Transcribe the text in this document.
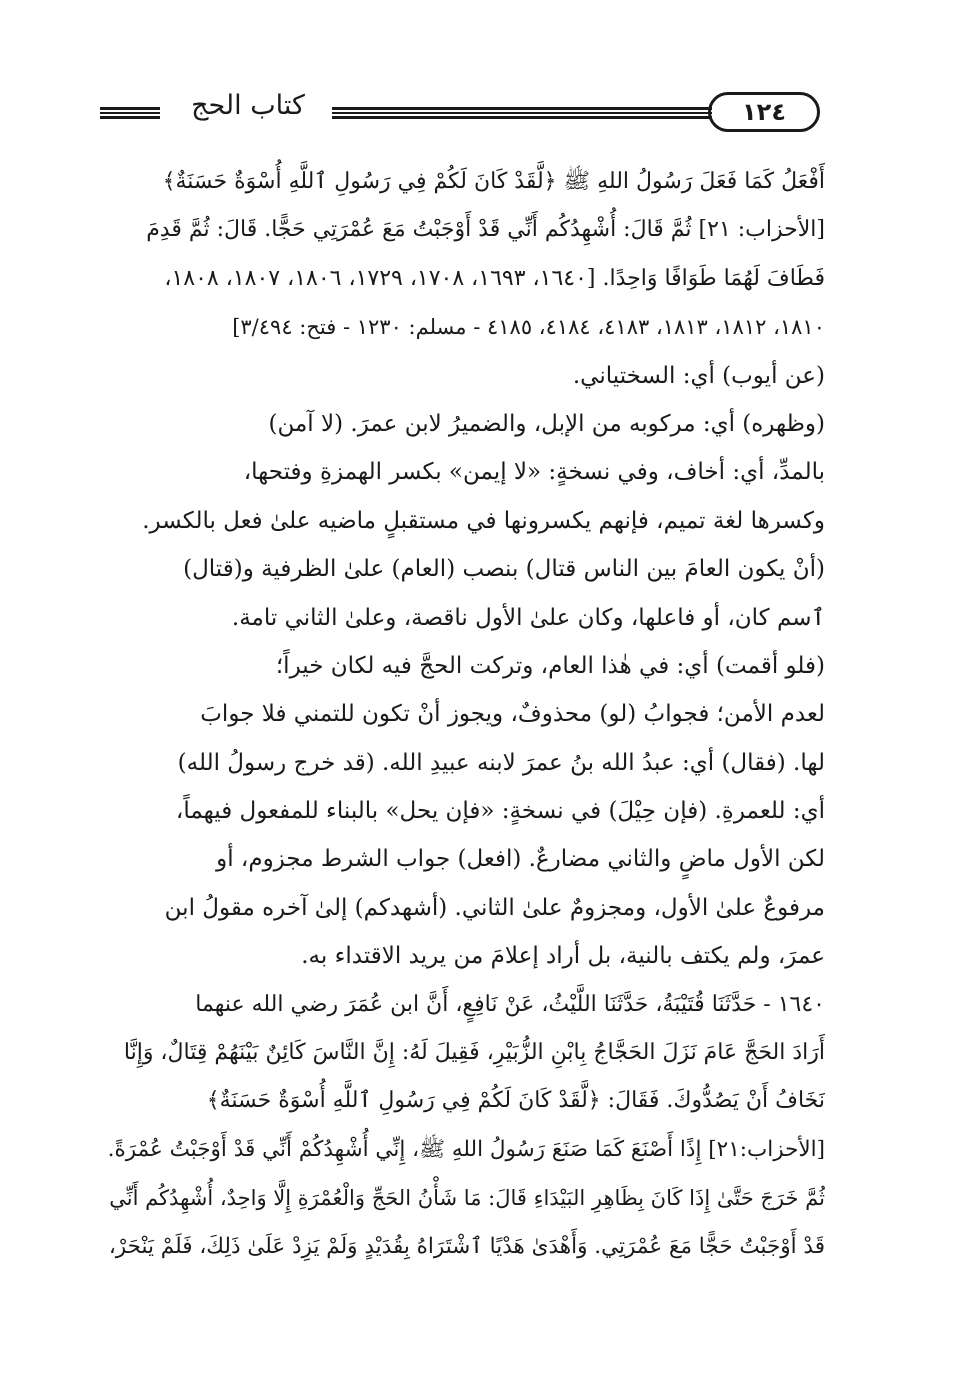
كتاب الحج	١٢٤
أَفْعَلُ كَمَا فَعَلَ رَسُولُ اللهِ ﷺ ﴿لَّقَدْ كَانَ لَكُمْ فِي رَسُولِ ٱللَّهِ أُسْوَةٌ حَسَنَةٌ﴾
[الأحزاب: ٢١] ثُمَّ قَالَ: أُشْهِدُكُم أَنِّي قَدْ أَوْجَبْتُ مَعَ عُمْرَتِي حَجًّا. قَالَ: ثُمَّ قَدِمَ
فَطَافَ لَهُمَا طَوَافًا وَاحِدًا. [١٦٤٠، ١٦٩٣، ١٧٠٨، ١٧٢٩، ١٨٠٦، ١٨٠٧، ١٨٠٨،
١٨١٠، ١٨١٢، ١٨١٣، ٤١٨٣، ٤١٨٤، ٤١٨٥ - مسلم: ١٢٣٠ - فتح: ٣/٤٩٤]
(عن أيوب) أي: السختياني.
(وظهره) أي: مركوبه من الإبل، والضميرُ لابن عمرَ. (لا آمن)
بالمدِّ، أي: أخاف، وفي نسخةٍ: «لا إيمن» بكسر الهمزةِ وفتحها،
وكسرها لغة تميم، فإنهم يكسرونها في مستقبلٍ ماضيه علىٰ فعل بالكسر.
(أنْ يكون العامَ بين الناس قتال) بنصب (العام) علىٰ الظرفية و(قتال)
ٱسم كان، أو فاعلها، وكان علىٰ الأول ناقصة، وعلىٰ الثاني تامة.
(فلو أقمت) أي: في هٰذا العام، وتركت الحجَّ فيه لكان خيراً؛
لعدم الأمن؛ فجوابُ (لو) محذوفٌ، ويجوز أنْ تكون للتمني فلا جوابَ
لها. (فقال) أي: عبدُ الله بنُ عمرَ لابنه عبيدِ الله. (قد خرج رسولُ الله)
أي: للعمرةِ. (فإن حِيْلَ) في نسخةٍ: «فإن يحل» بالبناء للمفعول فيهماً،
لكن الأول ماضٍ والثاني مضارعٌ. (افعل) جواب الشرط مجزوم، أو
مرفوعٌ علىٰ الأول، ومجزومٌ علىٰ الثاني. (أشهدكم) إلىٰ آخره مقولُ ابن
عمرَ، ولم يكتف بالنية، بل أراد إعلامَ من يريد الاقتداء به.
١٦٤٠ - حَدَّثَنَا قُتَيْبَةُ، حَدَّثَنَا اللَّيْثُ، عَنْ نَافِعٍ، أَنَّ ابن عُمَرَ رضي الله عنهما
أَرَادَ الحَجَّ عَامَ نَزَلَ الحَجَّاجُ بِابْنِ الزُّبَيْرِ، فَقِيلَ لَهُ: إِنَّ النَّاسَ كَائِنٌ بَيْنَهُمْ قِتَالٌ، وَإِنَّا
نَخَافُ أَنْ يَصُدُّوكَ. فَقَالَ: ﴿لَّقَدْ كَانَ لَكُمْ فِي رَسُولِ ٱللَّهِ أُسْوَةٌ حَسَنَةٌ﴾
[الأحزاب:٢١] إِذًا أَصْنَعَ كَمَا صَنَعَ رَسُولُ اللهِ ﷺ، إِنِّي أُشْهِدُكُمْ أَنِّي قَدْ أَوْجَبْتُ عُمْرَةً.
ثُمَّ خَرَجَ حَتَّىٰ إِذَا كَانَ بِظَاهِرِ البَيْدَاءِ قَالَ: مَا شَأْنُ الحَجِّ وَالْعُمْرَةِ إِلَّا وَاحِدٌ، أُشْهِدُكُم أَنِّي
قَدْ أَوْجَبْتُ حَجًّا مَعَ عُمْرَتِي. وَأَهْدَىٰ هَدْيًا ٱشْتَرَاهُ بِقُدَيْدٍ وَلَمْ يَزِدْ عَلَىٰ ذَلِكَ، فَلَمْ يَنْحَرْ،
